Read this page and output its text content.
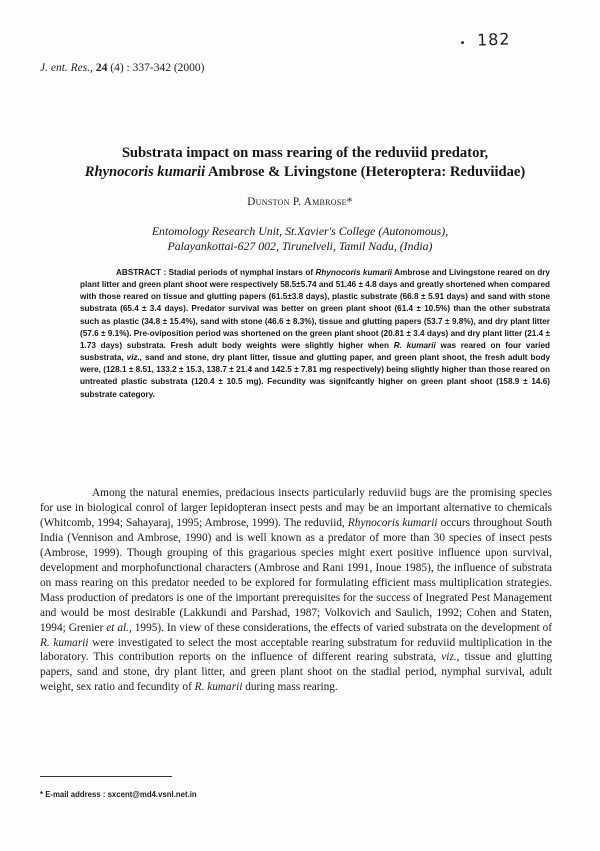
182
J. ent. Res., 24 (4) : 337-342 (2000)
Substrata impact on mass rearing of the reduviid predator,
Rhynocoris kumarii Ambrose & Livingstone (Heteroptera: Reduviidae)
Dunston P. Ambrose*
Entomology Research Unit, St.Xavier's College (Autonomous),
Palayankottai-627 002, Tirunelveli, Tamil Nadu, (India)
ABSTRACT : Stadial periods of nymphal instars of Rhynocoris kumarii Ambrose and Livingstone reared on dry plant litter and green plant shoot were respectively 58.5±5.74 and 51.46 ± 4.8 days and greatly shortened when compared with those reared on tissue and glutting papers (61.5±3.8 days), plastic substrate (66.8 ± 5.91 days) and sand with stone substrata (65.4 ± 3.4 days). Predator survival was better on green plant shoot (61.4 ± 10.5%) than the other substrata such as plastic (34.8 ± 15.4%), sand with stone (46.6 ± 8.3%), tissue and glutting papers (53.7 ± 9.8%), and dry plant litter (57.6 ± 9.1%). Pre-oviposition period was shortened on the green plant shoot (20.81 ± 3.4 days) and dry plant litter (21.4 ± 1.73 days) substrata. Fresh adult body weights were slightly higher when R. kumarii was reared on four varied susbstrata, viz., sand and stone, dry plant litter, tissue and glutting paper, and green plant shoot, the fresh adult body were, (128.1 ± 8.51, 133.2 ± 15.3, 138.7 ± 21.4 and 142.5 ± 7.81 mg respectively) being slightly higher than those reared on untreated plastic substrata (120.4 ± 10.5 mg). Fecundity was signifcantly higher on green plant shoot (158.9 ± 14.6) substrate category.
Among the natural enemies, predacious insects particularly reduviid bugs are the promising species for use in biological conrol of larger lepidopteran insect pests and may be an important alternative to chemicals (Whitcomb, 1994; Sahayaraj, 1995; Ambrose, 1999). The reduviid, Rhynocoris kumarii occurs throughout South India (Vennison and Ambrose, 1990) and is well known as a predator of more than 30 species of insect pests (Ambrose, 1999). Though grouping of this gragarious species might exert positive influence upon survival, development and morphofunctional characters (Ambrose and Rani 1991, Inoue 1985), the influence of substrata on mass rearing on this predator needed to be explored for formulating efficient mass multiplication strategies. Mass production of predators is one of the important prerequisites for the success of Inegrated Pest Management and would be most desirable (Lakkundi and Parshad, 1987; Volkovich and Saulich, 1992; Cohen and Staten, 1994; Grenier et al., 1995). In view of these considerations, the effects of varied substrata on the development of R. kumarii were investigated to select the most acceptable rearing substratum for reduviid multiplication in the laboratory. This contribution reports on the influence of different rearing substrata, viz., tissue and glutting papers, sand and stone, dry plant litter, and green plant shoot on the stadial period, nymphal survival, adult weight, sex ratio and fecundity of R. kumarii during mass rearing.
* E-mail address : sxcent@md4.vsnl.net.in
